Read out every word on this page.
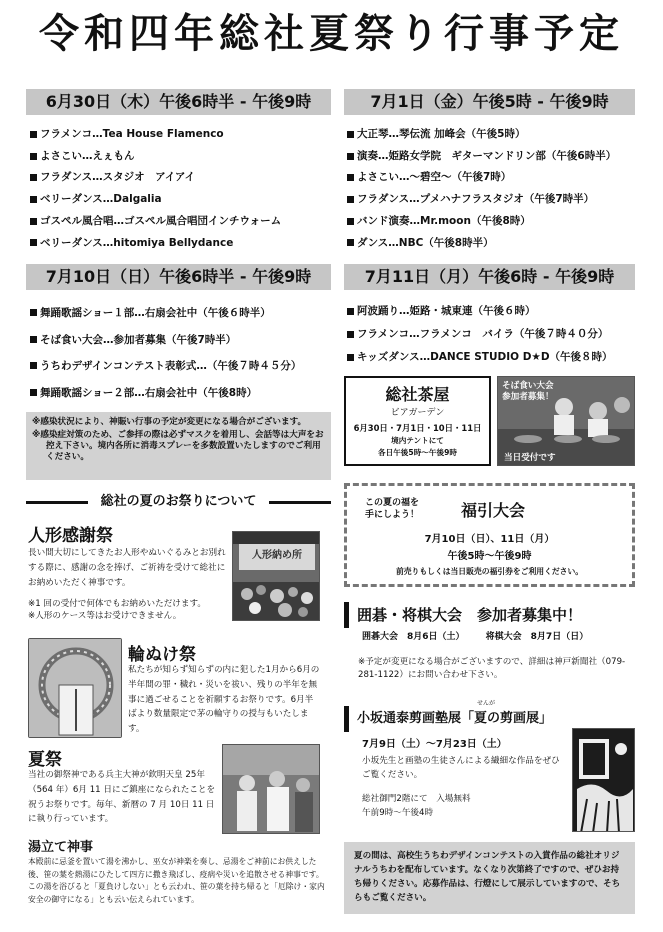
令和四年総社夏祭り行事予定
6月30日（木）午後6時半 - 午後9時	7月1日（金）午後5時 - 午後9時
7月10日（日）午後6時半 - 午後9時	7月11日（月）午後6時 - 午後9時
フラメンコ…Tea House Flamenco
よさこい…えぇもん
フラダンス…スタジオ　アイアイ
ベリーダンス…Dalgalia
ゴスペル風合唱…ゴスペル風合唱団インチウォーム
ベリーダンス…hitomiya Bellydance
大正琴…琴伝流 加峰会（午後5時）
演奏…姫路女学院　ギターマンドリン部（午後6時半）
よさこい…～碧空～（午後7時）
フラダンス…プメハナフラスタジオ（午後7時半）
バンド演奏…Mr.moon（午後8時）
ダンス…NBC（午後8時半）
舞踊歌謡ショー１部…右扇会社中（午後６時半）
そば食い大会…参加者募集（午後7時半）
うちわデザインコンテスト表彰式…（午後７時４５分）
舞踊歌謡ショー２部…右扇会社中（午後8時）
阿波踊り…姫路・城東連（午後６時）
フラメンコ…フラメンコ　バイラ（午後７時４０分）
キッズダンス…DANCE STUDIO D★D（午後８時）

※感染状況により、神賑い行事の予定が変更になる場合がございます。

※感染症対策のため、ご参拝の際は必ずマスクを着用し、会話等は大声をお控え下さい。境内各所に消毒スプレーを多数設置いたしますのでご利用ください。

総社の夏のお祭りについて
人形感謝祭
長い間大切にしてきたお人形やぬいぐるみとお別れする際に、感謝の念を捧げ、ご祈祷を受けて総社にお納めいただく神事です。
※1 回の受付で何体でもお納めいただけます。
※人形のケース等はお受けできません。
人形納め所
輪ぬけ祭
私たちが知らず知らずの内に犯した1月から6月の半年間の罪・穢れ・災いを祓い、残りの半年を無事に過ごせることを祈願するお祭りです。6月半ばより数量限定で茅の輪守りの授与もいたします。
夏祭
当社の御祭神である兵主大神が欽明天皇 25年（564 年）6月 11 日にご鎮座になられたことを祝うお祭りです。毎年、新暦の 7 月 10日 11 日に執り行っています。
湯立て神事
本殿前に忌釜を置いて湯を沸かし、巫女が神楽を奏し、忌湯をご神前にお供えした後、笹の葉を熱湯にひたして四方に撒き飛ばし、疫病や災いを追散させる神事です。この湯を浴びると「夏負けしない」とも云われ、笹の葉を持ち帰ると「厄除け・家内安全の御守になる」とも云い伝えられています。
総社茶屋
ビアガーデン
6月30日・7月1日・10日・11日
境内テントにて
各日午後5時～午後9時
そば食い大会
参加者募集！
当日受付です
この夏の福を
手にしよう！	福引大会
7月10日（日）、11日（月）
午後5時～午後9時
前売りもしくは当日販売の福引券をご利用ください。
囲碁・将棋大会　参加者募集中！
囲碁大会　8月6日（土） 将棋大会　8月7日（日）
※予定が変更になる場合がございますので、詳細は神戸新聞社（079-281-1122）にお問い合わせ下さい。
せんが
小坂通泰剪画塾展「夏の剪画展」
7月9日（土）～7月23日（土）
小坂先生と画塾の生徒さんによる繊細な作品をぜひご覧ください。
総社御門2階にて　入場無料
午前9時～午後4時
夏の間は、高校生うちわデザインコンテストの入賞作品の総社オリジナルうちわを配布しています。なくなり次第終了ですので、ぜひお持ち帰りください。応募作品は、行燈にして展示していますので、そちらもご覧ください。
